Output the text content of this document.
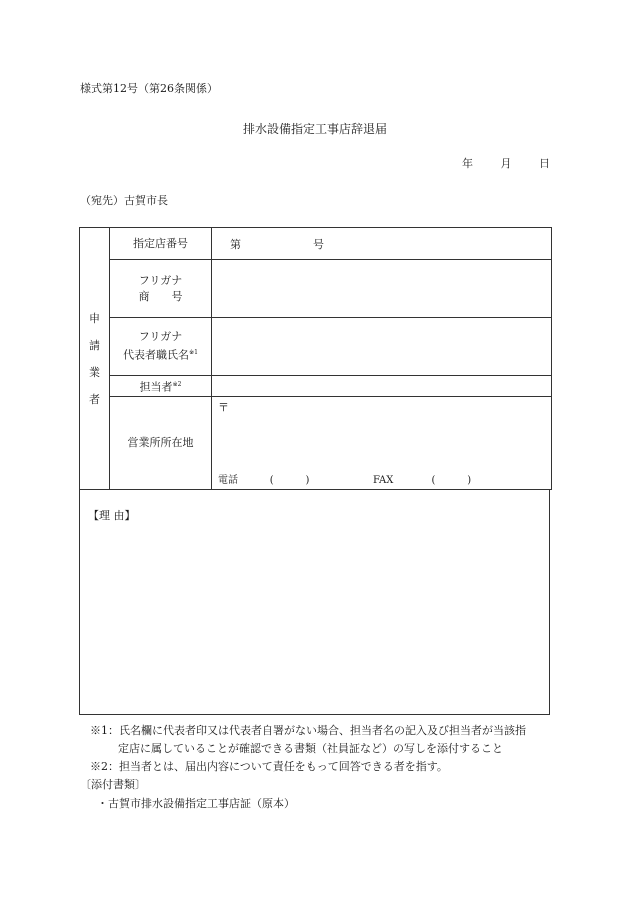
様式第12号（第26条関係）
排水設備指定工事店辞退届
年	月	日
（宛先）古賀市長
申
請
業
者	指定店番号	第 号

	フリガナ
商　　号	

	フリガナ
代表者職氏名$^{※1}$

	担当者$^{※2}$	
	営業所所在地	〒
電話          (          )                    FAX            (          )
【理 由】
※1：氏名欄に代表者印又は代表者自署がない場合、担当者名の記入及び担当者が当該指
定店に属していることが確認できる書類（社員証など）の写しを添付すること
※2：担当者とは、届出内容について責任をもって回答できる者を指す。
〔添付書類〕
・古賀市排水設備指定工事店証（原本）
